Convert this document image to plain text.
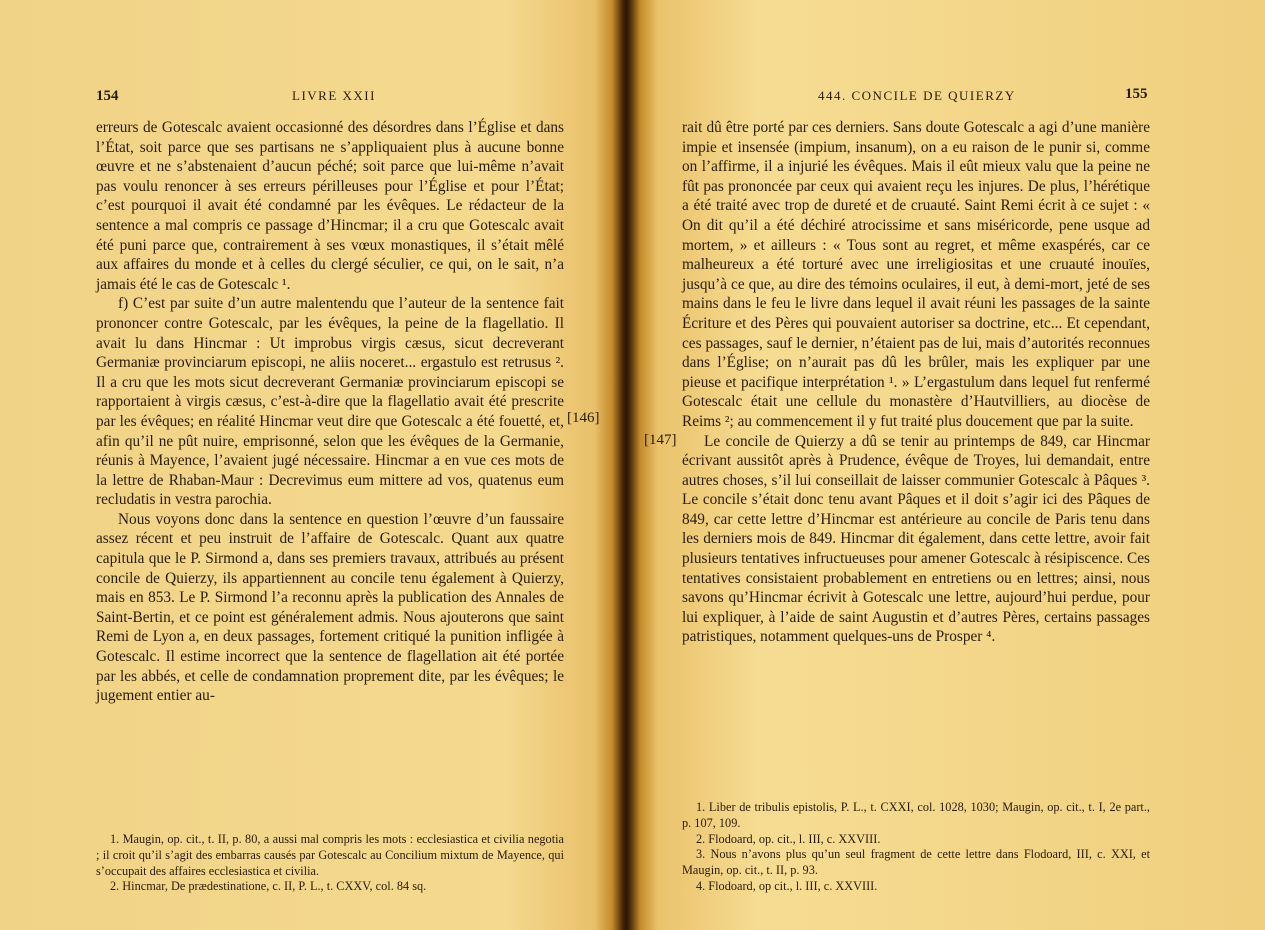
154	LIVRE XXII

erreurs de Gotescalc avaient occasionné des désordres dans l’Église et dans l’État, soit parce que ses partisans ne s’appliquaient plus à aucune bonne œuvre et ne s’abstenaient d’aucun péché; soit parce que lui-même n’avait pas voulu renoncer à ses erreurs périlleuses pour l’Église et pour l’État; c’est pourquoi il avait été condamné par les évêques. Le rédacteur de la sentence a mal compris ce passage d’Hincmar; il a cru que Gotescalc avait été puni parce que, contrairement à ses vœux monastiques, il s’était mêlé aux affaires du monde et à celles du clergé séculier, ce qui, on le sait, n’a jamais été le cas de Gotescalc ¹.

f) C’est par suite d’un autre malentendu que l’auteur de la sentence fait prononcer contre Gotescalc, par les évêques, la peine de la flagellatio. Il avait lu dans Hincmar : Ut improbus virgis cæsus, sicut decreverant Germaniæ provinciarum episcopi, ne aliis noceret... ergastulo est retrusus ². Il a cru que les mots sicut decreverant Germaniæ provinciarum episcopi se rapportaient à virgis cæsus, c’est-à-dire que la flagellatio avait été prescrite par les évêques; en réalité Hincmar veut dire que Gotescalc a été fouetté, et, afin qu’il ne pût nuire, emprisonné, selon que les évêques de la Germanie, réunis à Mayence, l’avaient jugé nécessaire. Hincmar a en vue ces mots de la lettre de Rhaban-Maur : Decrevimus eum mittere ad vos, quatenus eum recludatis in vestra parochia.

Nous voyons donc dans la sentence en question l’œuvre d’un faussaire assez récent et peu instruit de l’affaire de Gotescalc. Quant aux quatre capitula que le P. Sirmond a, dans ses premiers travaux, attribués au présent concile de Quierzy, ils appartiennent au concile tenu également à Quierzy, mais en 853. Le P. Sirmond l’a reconnu après la publication des Annales de Saint-Bertin, et ce point est généralement admis. Nous ajouterons que saint Remi de Lyon a, en deux passages, fortement critiqué la punition infligée à Gotescalc. Il estime incorrect que la sentence de flagellation ait été portée par les abbés, et celle de condamnation proprement dite, par les évêques; le jugement entier au-

1. Maugin, op. cit., t. II, p. 80, a aussi mal compris les mots : ecclesiastica et civilia negotia ; il croit qu’il s’agit des embarras causés par Gotescalc au Concilium mixtum de Mayence, qui s’occupait des affaires ecclesiastica et civilia.

2. Hincmar, De prædestinatione, c. II, P. L., t. CXXV, col. 84 sq.

[146]
[147]
444. CONCILE DE QUIERZY	155

rait dû être porté par ces derniers. Sans doute Gotescalc a agi d’une manière impie et insensée (impium, insanum), on a eu raison de le punir si, comme on l’affirme, il a injurié les évêques. Mais il eût mieux valu que la peine ne fût pas prononcée par ceux qui avaient reçu les injures. De plus, l’hérétique a été traité avec trop de dureté et de cruauté. Saint Remi écrit à ce sujet : « On dit qu’il a été déchiré atrocissime et sans miséricorde, pene usque ad mortem, » et ailleurs : « Tous sont au regret, et même exaspérés, car ce malheureux a été torturé avec une irreligiositas et une cruauté inouïes, jusqu’à ce que, au dire des témoins oculaires, il eut, à demi-mort, jeté de ses mains dans le feu le livre dans lequel il avait réuni les passages de la sainte Écriture et des Pères qui pouvaient autoriser sa doctrine, etc... Et cependant, ces passages, sauf le dernier, n’étaient pas de lui, mais d’autorités reconnues dans l’Église; on n’aurait pas dû les brûler, mais les expliquer par une pieuse et pacifique interprétation ¹. » L’ergastulum dans lequel fut renfermé Gotescalc était une cellule du monastère d’Hautvilliers, au diocèse de Reims ²; au commencement il y fut traité plus doucement que par la suite.

Le concile de Quierzy a dû se tenir au printemps de 849, car Hincmar écrivant aussitôt après à Prudence, évêque de Troyes, lui demandait, entre autres choses, s’il lui conseillait de laisser communier Gotescalc à Pâques ³. Le concile s’était donc tenu avant Pâques et il doit s’agir ici des Pâques de 849, car cette lettre d’Hincmar est antérieure au concile de Paris tenu dans les derniers mois de 849. Hincmar dit également, dans cette lettre, avoir fait plusieurs tentatives infructueuses pour amener Gotescalc à résipiscence. Ces tentatives consistaient probablement en entretiens ou en lettres; ainsi, nous savons qu’Hincmar écrivit à Gotescalc une lettre, aujourd’hui perdue, pour lui expliquer, à l’aide de saint Augustin et d’autres Pères, certains passages patristiques, notamment quelques-uns de Prosper ⁴.

1. Liber de tribulis epistolis, P. L., t. CXXI, col. 1028, 1030; Maugin, op. cit., t. I, 2e part., p. 107, 109.

2. Flodoard, op. cit., l. III, c. XXVIII.

3. Nous n’avons plus qu’un seul fragment de cette lettre dans Flodoard, III, c. XXI, et Maugin, op. cit., t. II, p. 93.

4. Flodoard, op cit., l. III, c. XXVIII.
